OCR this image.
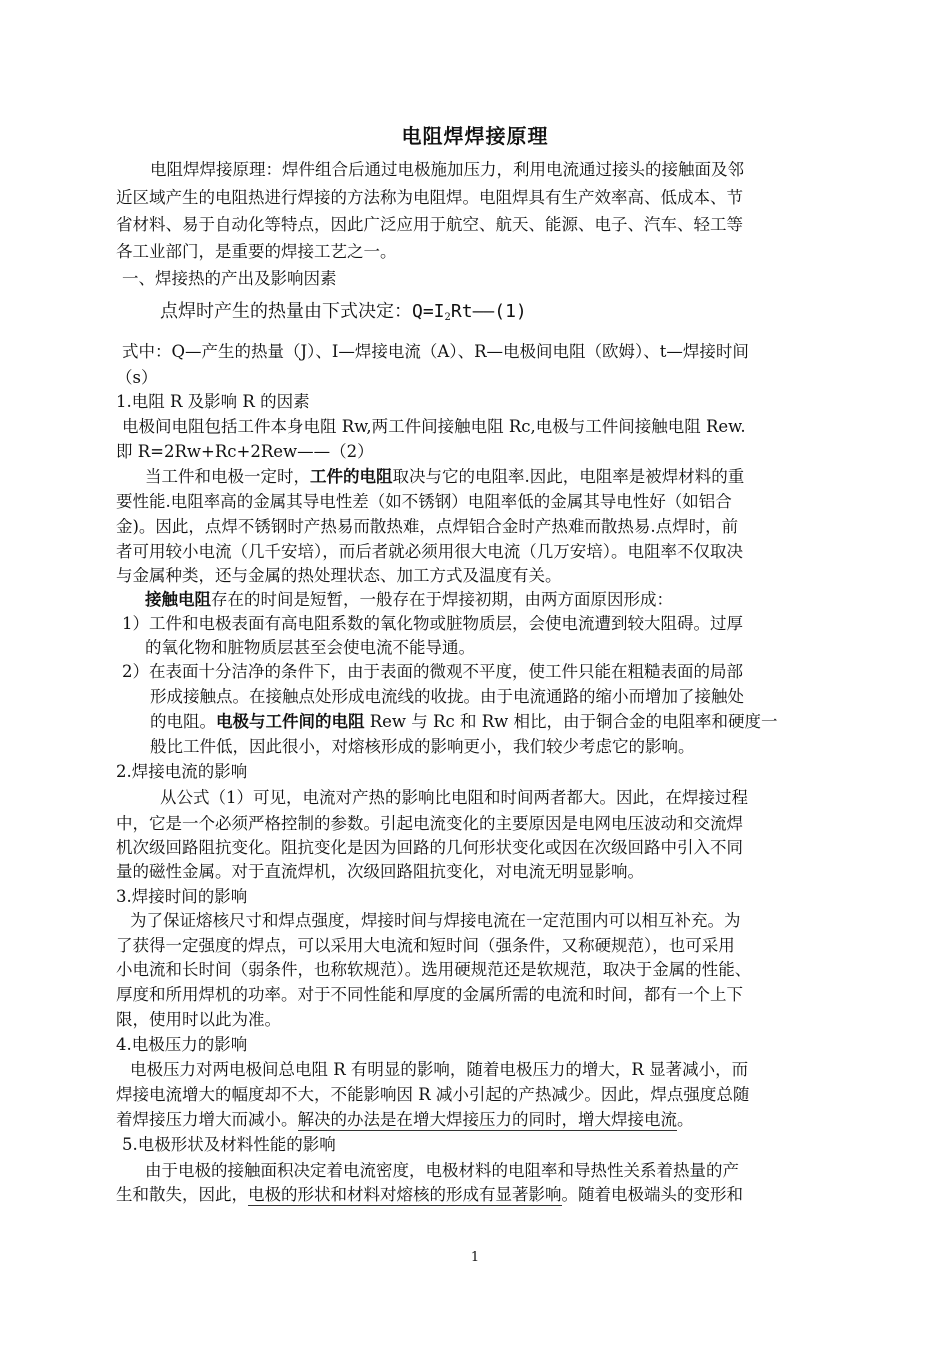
电阻焊焊接原理
电阻焊焊接原理：焊件组合后通过电极施加压力，利用电流通过接头的接触面及邻
近区域产生的电阻热进行焊接的方法称为电阻焊。电阻焊具有生产效率高、低成本、节
省材料、易于自动化等特点，因此广泛应用于航空、航天、能源、电子、汽车、轻工等
各工业部门，是重要的焊接工艺之一。
一、焊接热的产出及影响因素
点焊时产生的热量由下式决定：Q=I2Rt——(1)
式中：Q—产生的热量（J）、I—焊接电流（A）、R—电极间电阻（欧姆）、t—焊接时间
（s）
1.电阻 R 及影响 R 的因素
电极间电阻包括工件本身电阻 Rw,两工件间接触电阻 Rc,电极与工件间接触电阻 Rew.
即 R=2Rw+Rc+2Rew——（2）
当工件和电极一定时，工件的电阻取决与它的电阻率.因此，电阻率是被焊材料的重
要性能.电阻率高的金属其导电性差（如不锈钢）电阻率低的金属其导电性好（如铝合
金)。因此，点焊不锈钢时产热易而散热难，点焊铝合金时产热难而散热易.点焊时，前
者可用较小电流（几千安培），而后者就必须用很大电流（几万安培）。电阻率不仅取决
与金属种类，还与金属的热处理状态、加工方式及温度有关。
接触电阻存在的时间是短暂，一般存在于焊接初期，由两方面原因形成：
1）工件和电极表面有高电阻系数的氧化物或脏物质层，会使电流遭到较大阻碍。过厚
的氧化物和脏物质层甚至会使电流不能导通。
2）在表面十分洁净的条件下，由于表面的微观不平度，使工件只能在粗糙表面的局部
形成接触点。在接触点处形成电流线的收拢。由于电流通路的缩小而增加了接触处
的电阻。电极与工件间的电阻 Rew 与 Rc 和 Rw 相比，由于铜合金的电阻率和硬度一
般比工件低，因此很小，对熔核形成的影响更小，我们较少考虑它的影响。
2.焊接电流的影响
从公式（1）可见，电流对产热的影响比电阻和时间两者都大。因此，在焊接过程
中，它是一个必须严格控制的参数。引起电流变化的主要原因是电网电压波动和交流焊
机次级回路阻抗变化。阻抗变化是因为回路的几何形状变化或因在次级回路中引入不同
量的磁性金属。对于直流焊机，次级回路阻抗变化，对电流无明显影响。
3.焊接时间的影响
为了保证熔核尺寸和焊点强度，焊接时间与焊接电流在一定范围内可以相互补充。为
了获得一定强度的焊点，可以采用大电流和短时间（强条件，又称硬规范），也可采用
小电流和长时间（弱条件，也称软规范）。选用硬规范还是软规范，取决于金属的性能、
厚度和所用焊机的功率。对于不同性能和厚度的金属所需的电流和时间，都有一个上下
限，使用时以此为准。
4.电极压力的影响
电极压力对两电极间总电阻 R 有明显的影响，随着电极压力的增大，R 显著减小，而
焊接电流增大的幅度却不大，不能影响因 R 减小引起的产热减少。因此，焊点强度总随
着焊接压力增大而减小。解决的办法是在增大焊接压力的同时，增大焊接电流。
5.电极形状及材料性能的影响
由于电极的接触面积决定着电流密度，电极材料的电阻率和导热性关系着热量的产
生和散失，因此，电极的形状和材料对熔核的形成有显著影响。随着电极端头的变形和
1
